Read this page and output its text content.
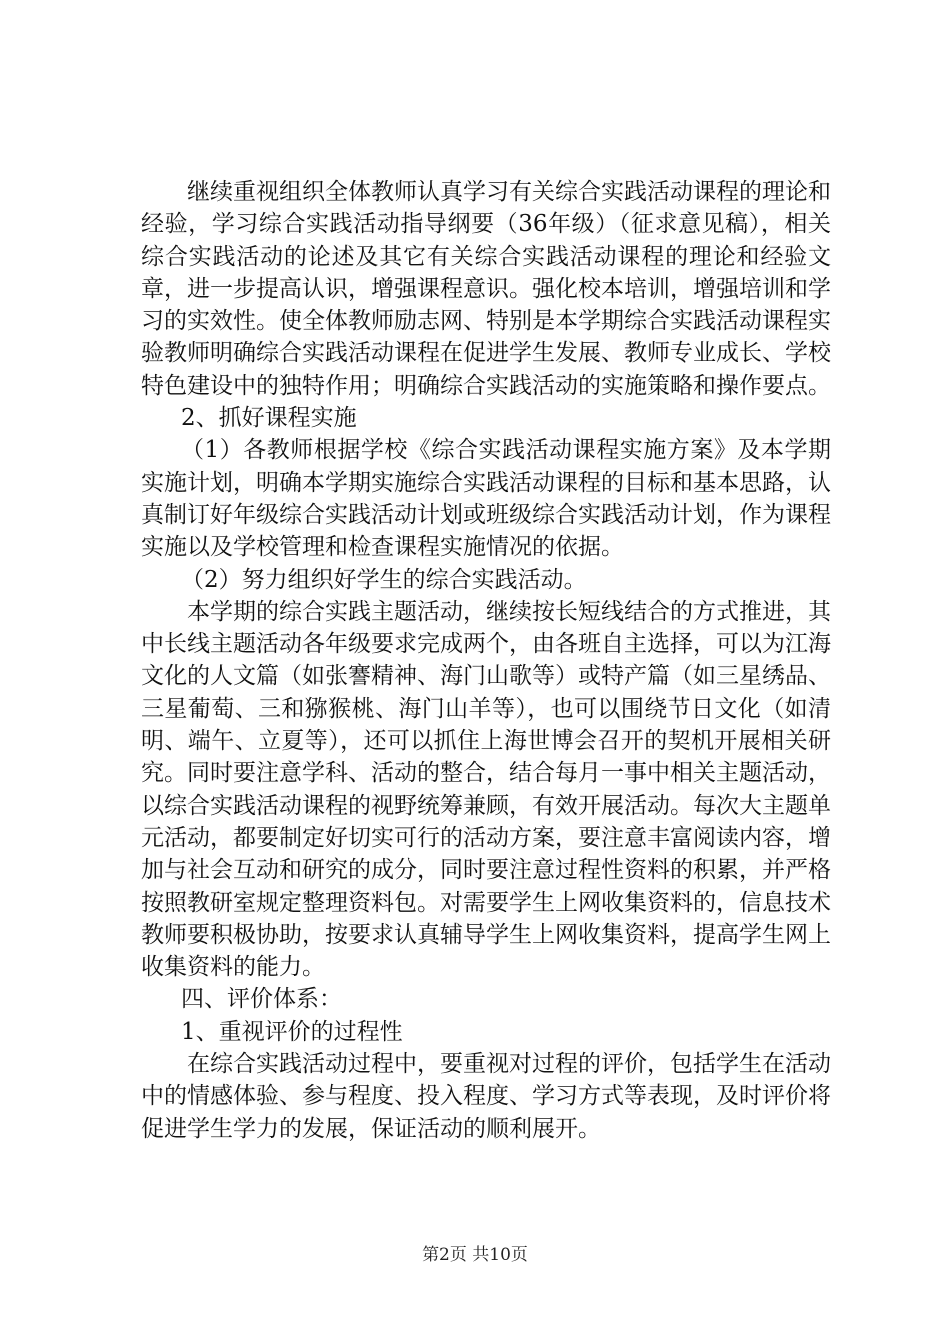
继续重视组织全体教师认真学习有关综合实践活动课程的理论和经验，学习综合实践活动指导纲要（36年级）（征求意见稿），相关综合实践活动的论述及其它有关综合实践活动课程的理论和经验文章，进一步提高认识，增强课程意识。强化校本培训，增强培训和学习的实效性。使全体教师励志网、特别是本学期综合实践活动课程实验教师明确综合实践活动课程在促进学生发展、教师专业成长、学校特色建设中的独特作用；明确综合实践活动的实施策略和操作要点。

2、抓好课程实施

（1）各教师根据学校《综合实践活动课程实施方案》及本学期实施计划，明确本学期实施综合实践活动课程的目标和基本思路，认真制订好年级综合实践活动计划或班级综合实践活动计划，作为课程实施以及学校管理和检查课程实施情况的依据。

（2）努力组织好学生的综合实践活动。

本学期的综合实践主题活动，继续按长短线结合的方式推进，其中长线主题活动各年级要求完成两个，由各班自主选择，可以为江海文化的人文篇（如张謇精神、海门山歌等）或特产篇（如三星绣品、三星葡萄、三和猕猴桃、海门山羊等），也可以围绕节日文化（如清明、端午、立夏等），还可以抓住上海世博会召开的契机开展相关研究。同时要注意学科、活动的整合，结合每月一事中相关主题活动，以综合实践活动课程的视野统筹兼顾，有效开展活动。每次大主题单元活动，都要制定好切实可行的活动方案，要注意丰富阅读内容，增加与社会互动和研究的成分，同时要注意过程性资料的积累，并严格按照教研室规定整理资料包。对需要学生上网收集资料的，信息技术教师要积极协助，按要求认真辅导学生上网收集资料，提高学生网上收集资料的能力。

四、评价体系：

1、重视评价的过程性

在综合实践活动过程中，要重视对过程的评价，包括学生在活动中的情感体验、参与程度、投入程度、学习方式等表现，及时评价将促进学生学力的发展，保证活动的顺利展开。

第2页 共10页
